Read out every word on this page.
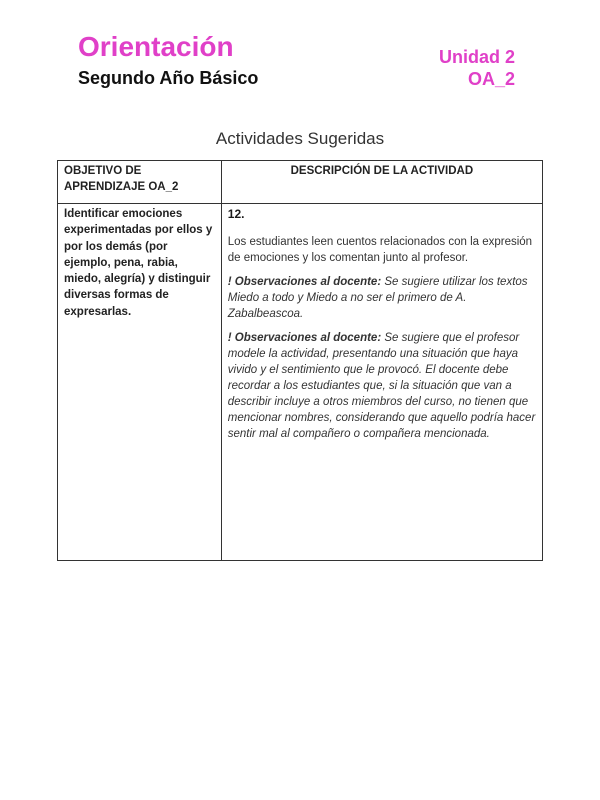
Orientación
Segundo Año Básico
Unidad 2
OA_2
Actividades Sugeridas
OBJETIVO DE APRENDIZAJE OA_2	DESCRIPCIÓN DE LA ACTIVIDAD

Identificar emociones experimentadas por ellos y por los demás (por ejemplo, pena, rabia, miedo, alegría) y distinguir diversas formas de expresarlas.	12.

Los estudiantes leen cuentos relacionados con la expresión de emociones y los comentan junto al profesor.

! Observaciones al docente: Se sugiere utilizar los textos Miedo a todo y Miedo a no ser el primero de A. Zabalbeascoa.

! Observaciones al docente: Se sugiere que el profesor modele la actividad, presentando una situación que haya vivido y el sentimiento que le provocó. El docente debe recordar a los estudiantes que, si la situación que van a describir incluye a otros miembros del curso, no tienen que mencionar nombres, considerando que aquello podría hacer sentir mal al compañero o compañera mencionada.
